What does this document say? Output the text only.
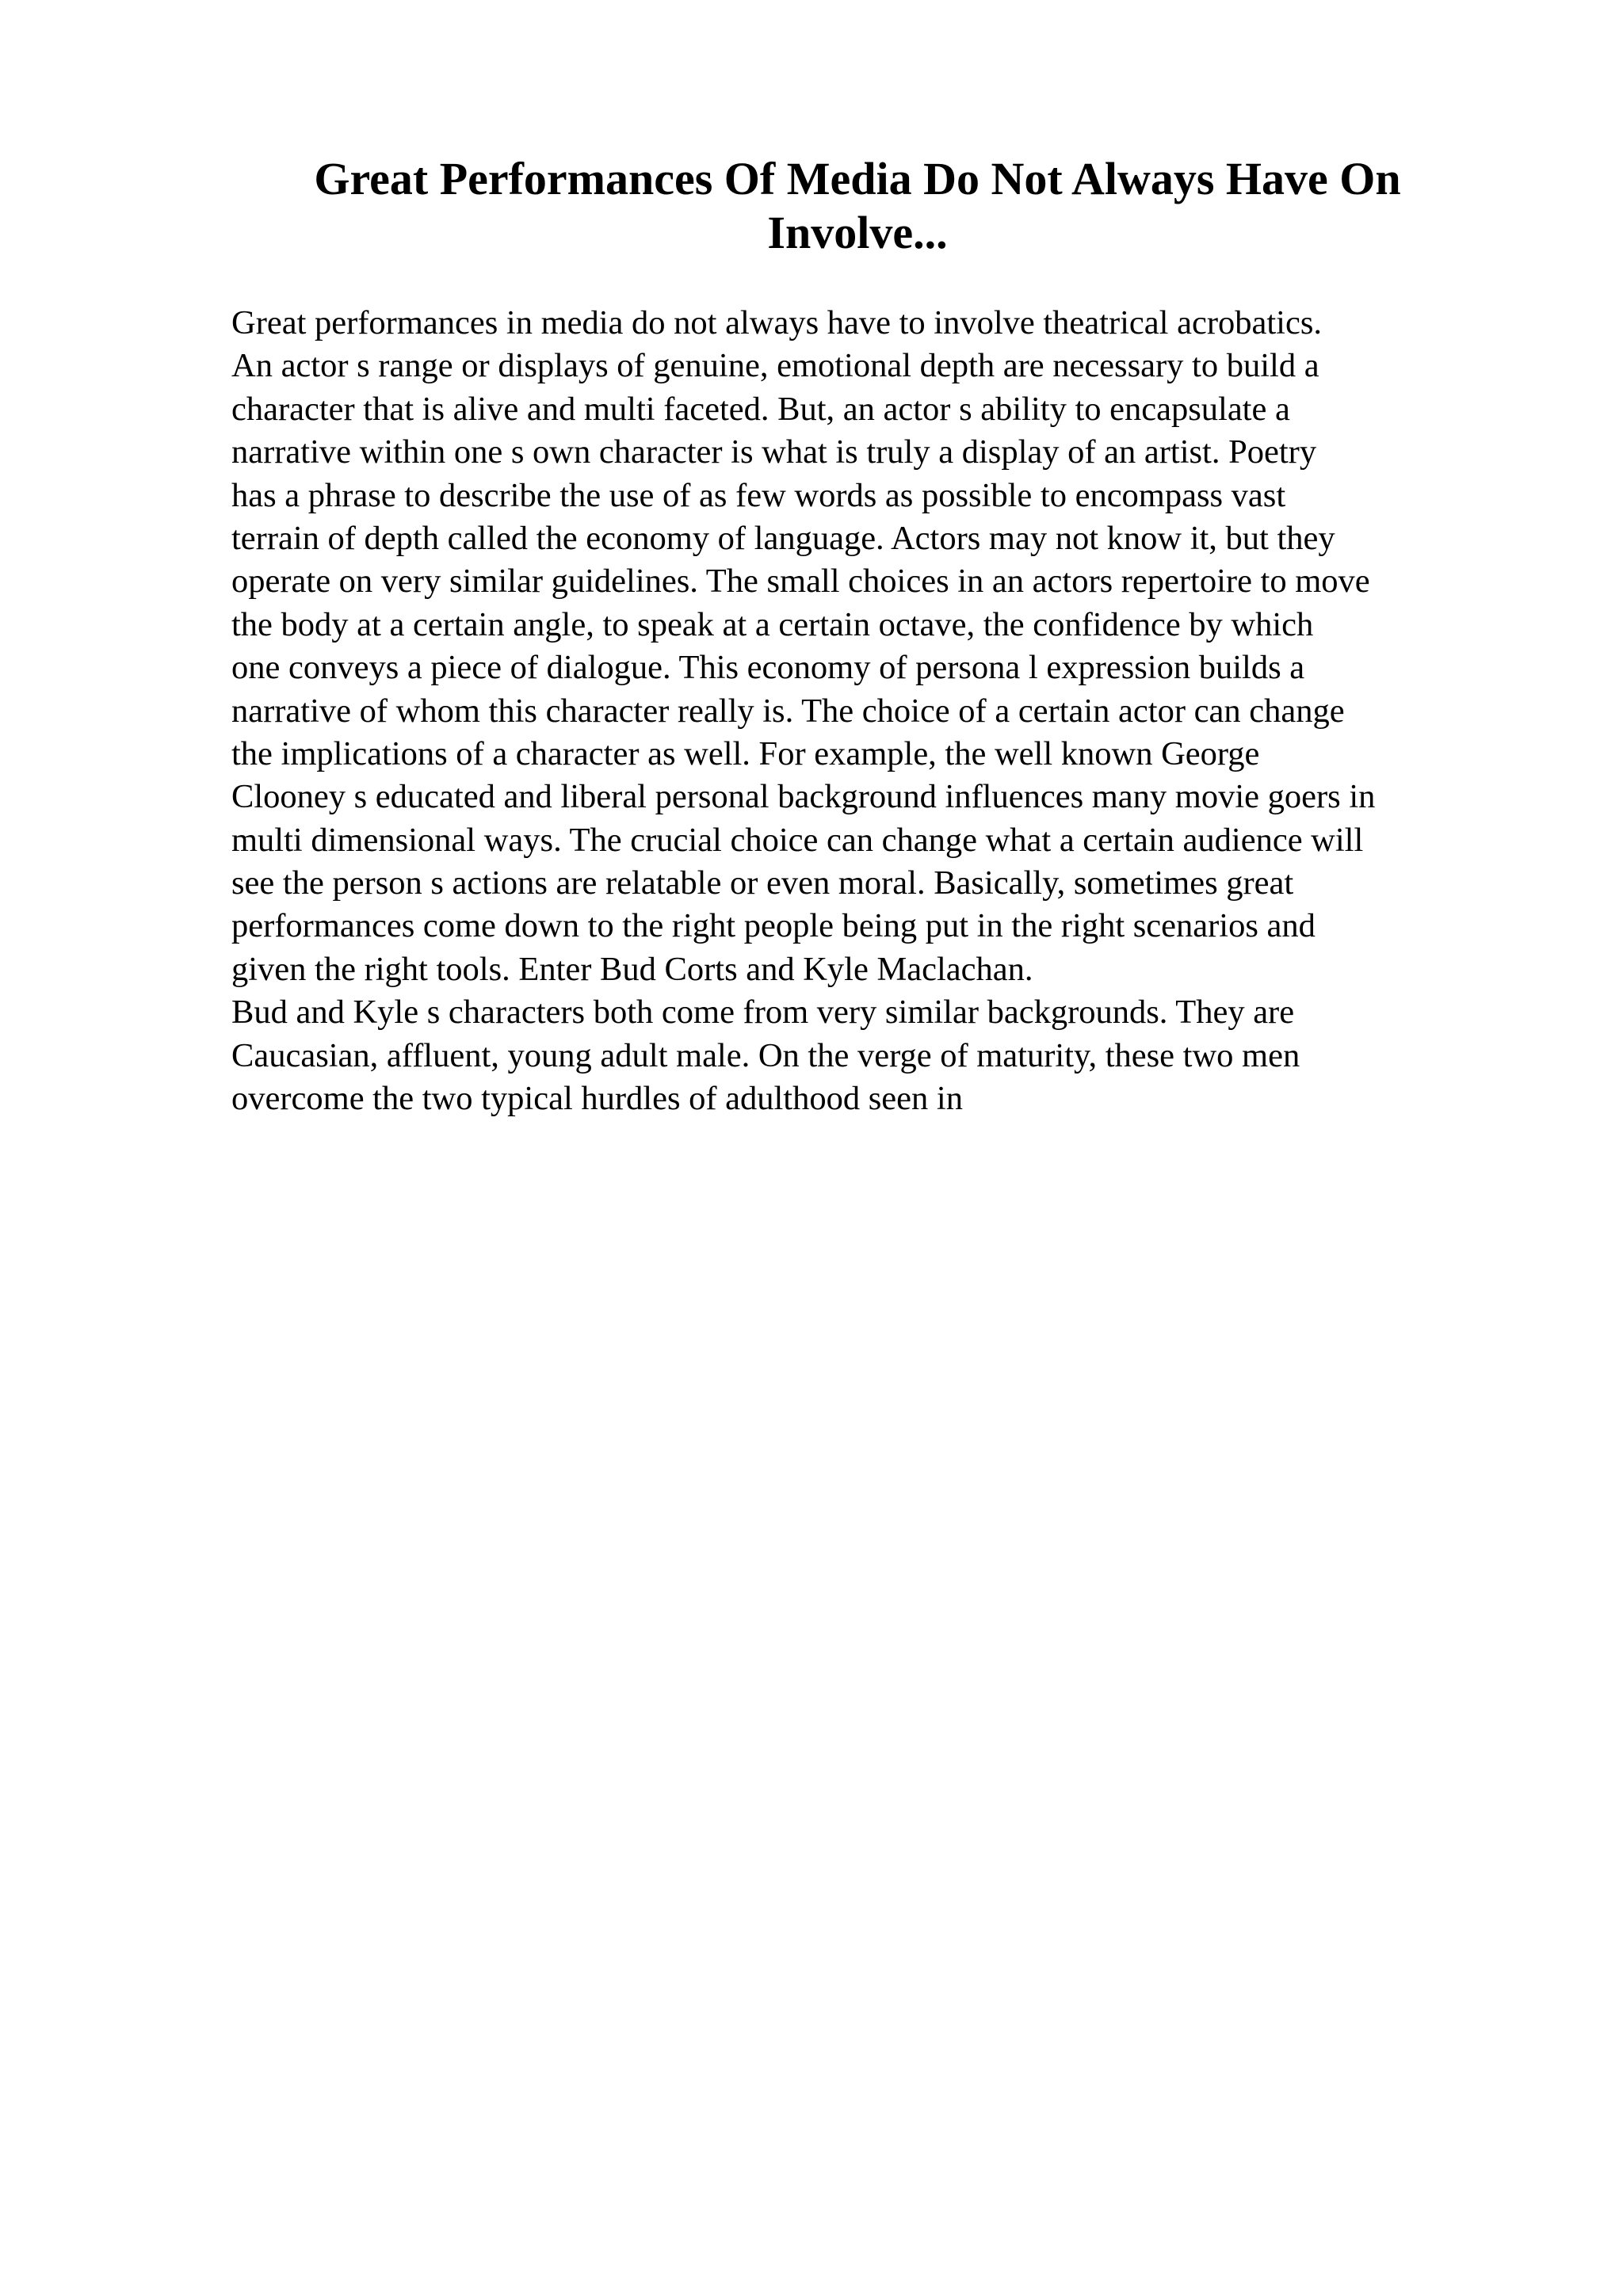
Great Performances Of Media Do Not Always Have On Involve...
Great performances in media do not always have to involve theatrical acrobatics.
An actor s range or displays of genuine, emotional depth are necessary to build a
character that is alive and multi faceted. But, an actor s ability to encapsulate a
narrative within one s own character is what is truly a display of an artist. Poetry
has a phrase to describe the use of as few words as possible to encompass vast
terrain of depth called the economy of language. Actors may not know it, but they
operate on very similar guidelines. The small choices in an actors repertoire to move
the body at a certain angle, to speak at a certain octave, the confidence by which
one conveys a piece of dialogue. This economy of persona l expression builds a
narrative of whom this character really is. The choice of a certain actor can change
the implications of a character as well. For example, the well known George
Clooney s educated and liberal personal background influences many movie goers in
multi dimensional ways. The crucial choice can change what a certain audience will
see the person s actions are relatable or even moral. Basically, sometimes great
performances come down to the right people being put in the right scenarios and
given the right tools. Enter Bud Corts and Kyle Maclachan.
Bud and Kyle s characters both come from very similar backgrounds. They are
Caucasian, affluent, young adult male. On the verge of maturity, these two men
overcome the two typical hurdles of adulthood seen in
